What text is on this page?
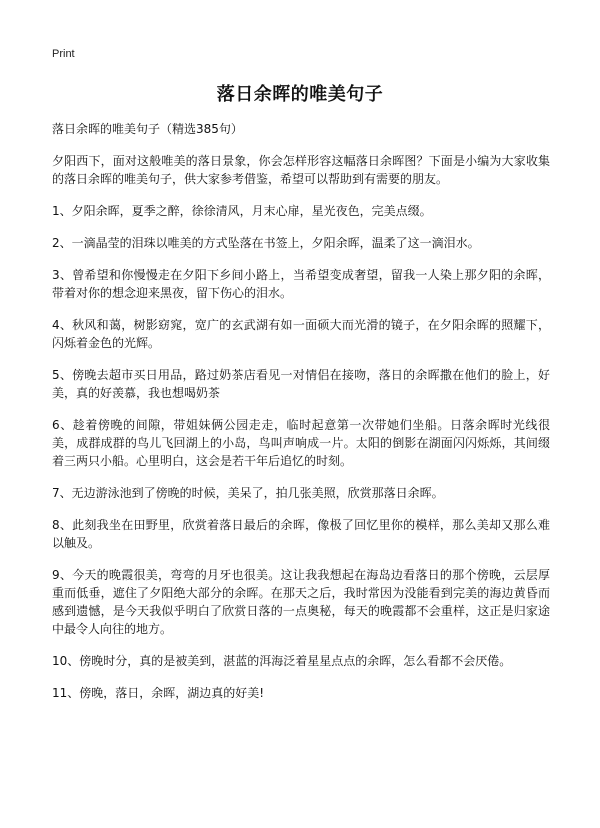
Print
落日余晖的唯美句子

落日余晖的唯美句子（精选385句）

夕阳西下，面对这般唯美的落日景象，你会怎样形容这幅落日余晖图？下面是小编为大家收集的落日余晖的唯美句子，供大家参考借鉴，希望可以帮助到有需要的朋友。

1、夕阳余晖，夏季之醉，徐徐清风，月末心扉，星光夜色，完美点缀。

2、一滴晶莹的泪珠以唯美的方式坠落在书签上，夕阳余晖，温柔了这一滴泪水。

3、曾希望和你慢慢走在夕阳下乡间小路上，当希望变成奢望，留我一人染上那夕阳的余晖，带着对你的想念迎来黑夜，留下伤心的泪水。

4、秋风和蔼，树影窈窕，宽广的玄武湖有如一面硕大而光滑的镜子，在夕阳余晖的照耀下，闪烁着金色的光辉。

5、傍晚去超市买日用品，路过奶茶店看见一对情侣在接吻，落日的余晖撒在他们的脸上，好美，真的好羡慕，我也想喝奶茶

6、趁着傍晚的间隙，带姐妹俩公园走走，临时起意第一次带她们坐船。日落余晖时光线很美，成群成群的鸟儿飞回湖上的小岛，鸟叫声响成一片。太阳的倒影在湖面闪闪烁烁，其间缀着三两只小船。心里明白，这会是若干年后追忆的时刻。

7、无边游泳池到了傍晚的时候，美呆了，拍几张美照，欣赏那落日余晖。

8、此刻我坐在田野里，欣赏着落日最后的余晖，像极了回忆里你的模样，那么美却又那么难以触及。

9、今天的晚霞很美，弯弯的月牙也很美。这让我我想起在海岛边看落日的那个傍晚，云层厚重而低垂，遮住了夕阳绝大部分的余晖。在那天之后，我时常因为没能看到完美的海边黄昏而感到遗憾，是今天我似乎明白了欣赏日落的一点奥秘，每天的晚霞都不会重样，这正是归家途中最令人向往的地方。

10、傍晚时分，真的是被美到，湛蓝的洱海泛着星星点点的余晖，怎么看都不会厌倦。

11、傍晚，落日，余晖，湖边真的好美!
